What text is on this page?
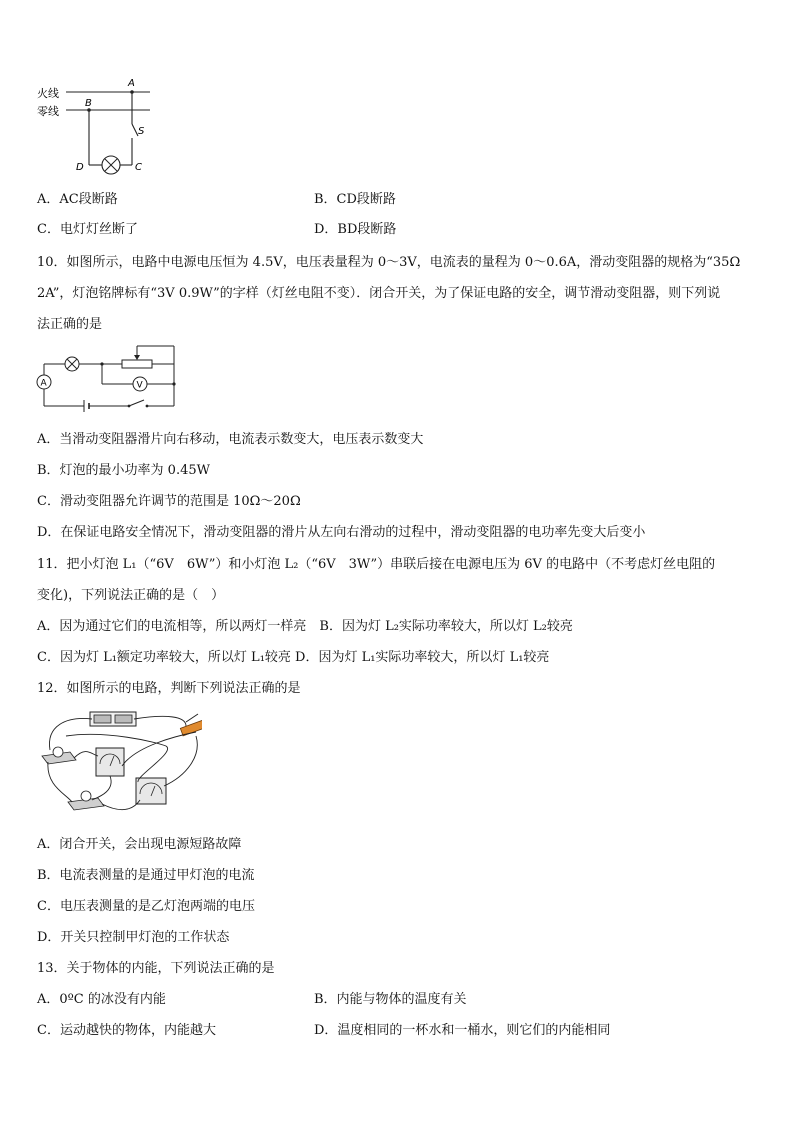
火线
零线
A
B
S
D	C
A．AC段断路	B．CD段断路
C．电灯灯丝断了	D．BD段断路
10．如图所示，电路中电源电压恒为 4.5V，电压表量程为 0～3V，电流表的量程为 0～0.6A，滑动变阻器的规格为“35Ω
2A”，灯泡铭牌标有“3V 0.9W”的字样（灯丝电阻不变）．闭合开关，为了保证电路的安全，调节滑动变阻器，则下列说
法正确的是
V
A
A．当滑动变阻器滑片向右移动，电流表示数变大，电压表示数变大
B．灯泡的最小功率为 0.45W
C．滑动变阻器允许调节的范围是 10Ω～20Ω
D．在保证电路安全情况下，滑动变阻器的滑片从左向右滑动的过程中，滑动变阻器的电功率先变大后变小
11．把小灯泡 L₁（“6V　6W”）和小灯泡 L₂（“6V　3W”）串联后接在电源电压为 6V 的电路中（不考虑灯丝电阻的
变化)，下列说法正确的是（　）
A．因为通过它们的电流相等，所以两灯一样亮　B．因为灯 L₂实际功率较大，所以灯 L₂较亮
C．因为灯 L₁额定功率较大，所以灯 L₁较亮 D．因为灯 L₁实际功率较大，所以灯 L₁较亮
12．如图所示的电路，判断下列说法正确的是
A．闭合开关，会出现电源短路故障
B．电流表测量的是通过甲灯泡的电流
C．电压表测量的是乙灯泡两端的电压
D．开关只控制甲灯泡的工作状态
13．关于物体的内能，下列说法正确的是
A．0ºC 的冰没有内能	B．内能与物体的温度有关
C．运动越快的物体，内能越大	D．温度相同的一杯水和一桶水，则它们的内能相同
